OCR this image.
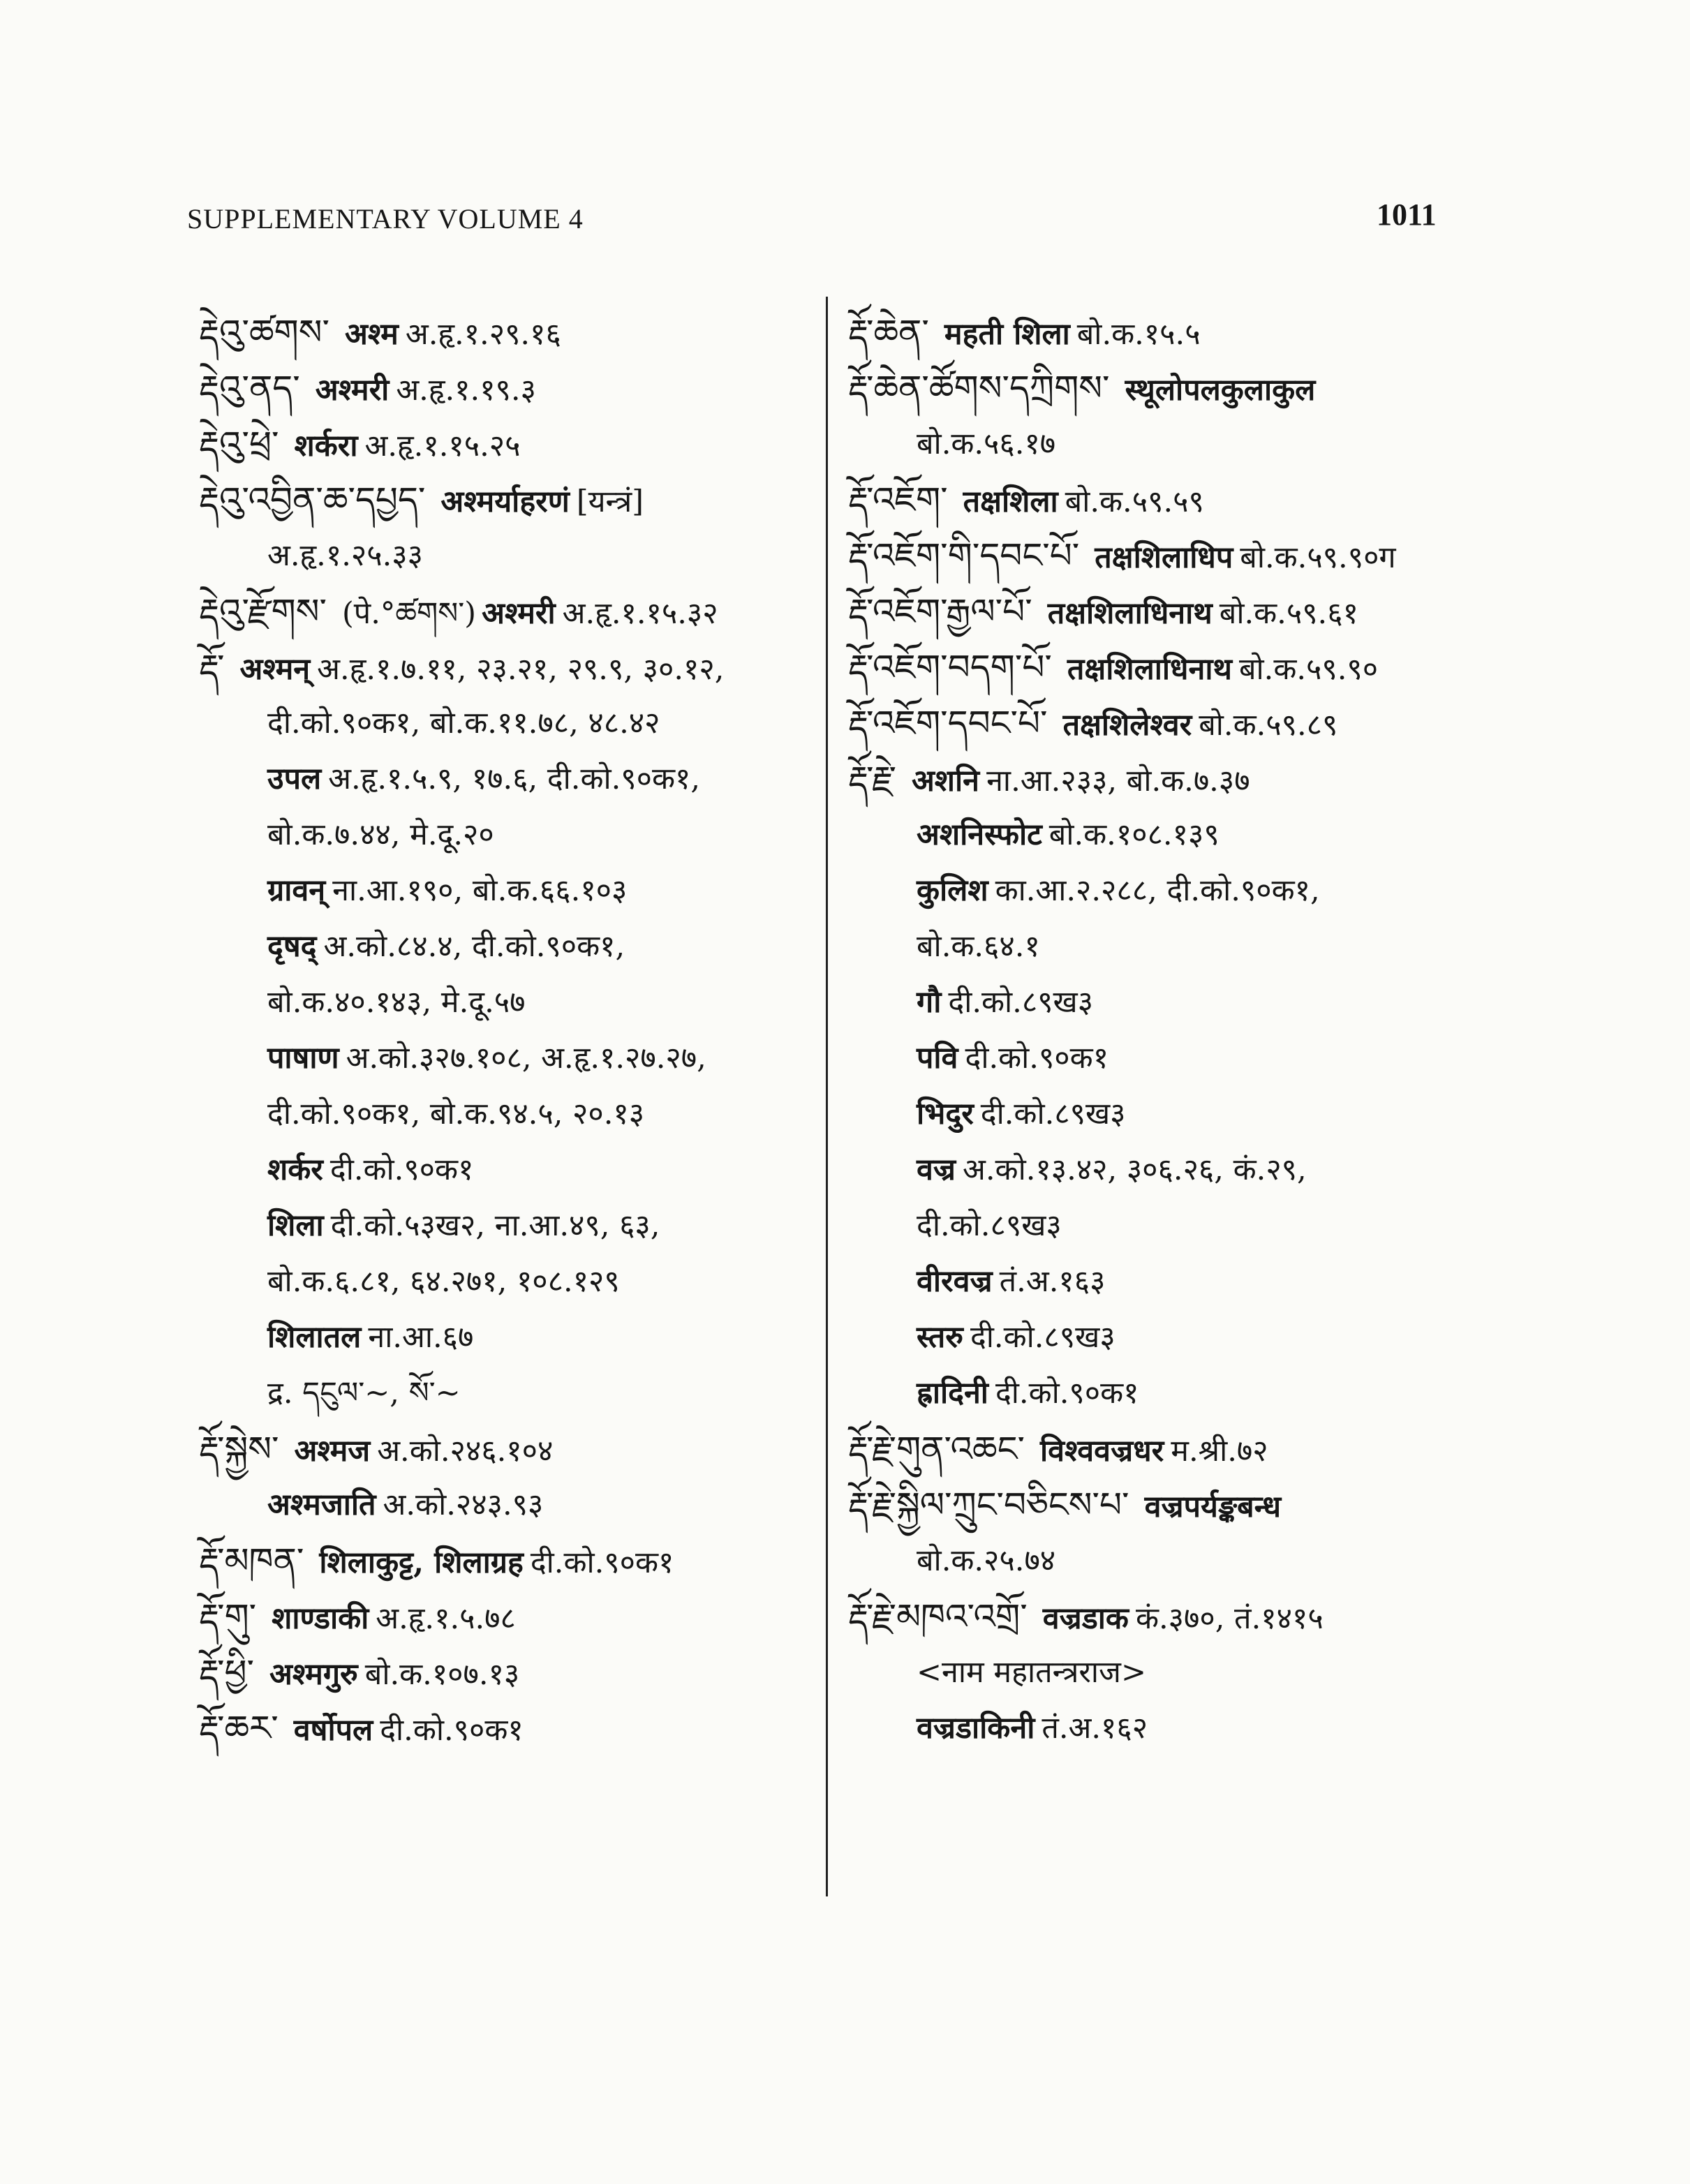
SUPPLEMENTARY VOLUME 4	1011
རྡེའུ་ཚགས་ अश्म अ.हृ.१.२९.१६
རྡེའུ་ནད་ अश्मरी अ.हृ.१.१९.३
རྡེའུ་ཕྲེ་ शर्करा अ.हृ.१.१५.२५
རྡེའུ་འབྱིན་ཆ་དཔྱད་ अश्मर्याहरणं [यन्त्रं]
अ.हृ.१.२५.३३
རྡེའུ་རྫོགས་ (पे.°ཚགས་) अश्मरी अ.हृ.१.१५.३२
རྡོ་ अश्मन् अ.हृ.१.७.११, २३.२१, २९.९, ३०.१२,
दी.को.९०क१, बो.क.११.७८, ४८.४२
उपल अ.हृ.१.५.९, १७.६, दी.को.९०क१,
बो.क.७.४४, मे.दू.२०
ग्रावन् ना.आ.१९०, बो.क.६६.१०३
दृषद् अ.को.८४.४, दी.को.९०क१,
बो.क.४०.१४३, मे.दू.५७
पाषाण अ.को.३२७.१०८, अ.हृ.१.२७.२७,
दी.को.९०क१, बो.क.९४.५, २०.१३
शर्कर दी.को.९०क१
शिला दी.को.५३ख२, ना.आ.४९, ६३,
बो.क.६.८१, ६४.२७१, १०८.१२९
शिलातल ना.आ.६७
द्र. དངུལ་~, སོ་~
རྡོ་སྐྱེས་ अश्मज अ.को.२४६.१०४
अश्मजाति अ.को.२४३.९३
རྡོ་མཁན་ शिलाकुट्ट, शिलाग्रह दी.को.९०क१
རྡོ་གུ་ शाण्डाकी अ.हृ.१.५.७८
རྡོ་ཕྱི་ अश्मगुरु बो.क.१०७.१३
རྡོ་ཆར་ वर्षोपल दी.को.९०क१
རྡོ་ཆེན་ महती शिला बो.क.१५.५
རྡོ་ཆེན་ཚོགས་དཀྲིགས་ स्थूलोपलकुलाकुल
बो.क.५६.१७
རྡོ་འཇོག་ तक्षशिला बो.क.५९.५९
རྡོ་འཇོག་གི་དབང་པོ་ तक्षशिलाधिप बो.क.५९.९०ग
རྡོ་འཇོག་རྒྱལ་པོ་ तक्षशिलाधिनाथ बो.क.५९.६१
རྡོ་འཇོག་བདག་པོ་ तक्षशिलाधिनाथ बो.क.५९.९०
རྡོ་འཇོག་དབང་པོ་ तक्षशिलेश्वर बो.क.५९.८९
རྡོ་རྗེ་ अशनि ना.आ.२३३, बो.क.७.३७
अशनिस्फोट बो.क.१०८.१३९
कुलिश का.आ.२.२८८, दी.को.९०क१,
बो.क.६४.१
गौ दी.को.८९ख३
पवि दी.को.९०क१
भिदुर दी.को.८९ख३
वज्र अ.को.१३.४२, ३०६.२६, कं.२९,
दी.को.८९ख३
वीरवज्र तं.अ.१६३
स्तरु दी.को.८९ख३
ह्रादिनी दी.को.९०क१
རྡོ་རྗེ་གུན་འཆང་ विश्ववज्रधर म.श्री.७२
རྡོ་རྗེ་སྐྱིལ་ཀྲུང་བཅིངས་པ་ वज्रपर्यङ्कबन्ध
बो.क.२५.७४
རྡོ་རྗེ་མཁའ་འགྲོ་ वज्रडाक कं.३७०, तं.१४१५
<नाम महातन्त्रराज>
वज्रडाकिनी तं.अ.१६२
